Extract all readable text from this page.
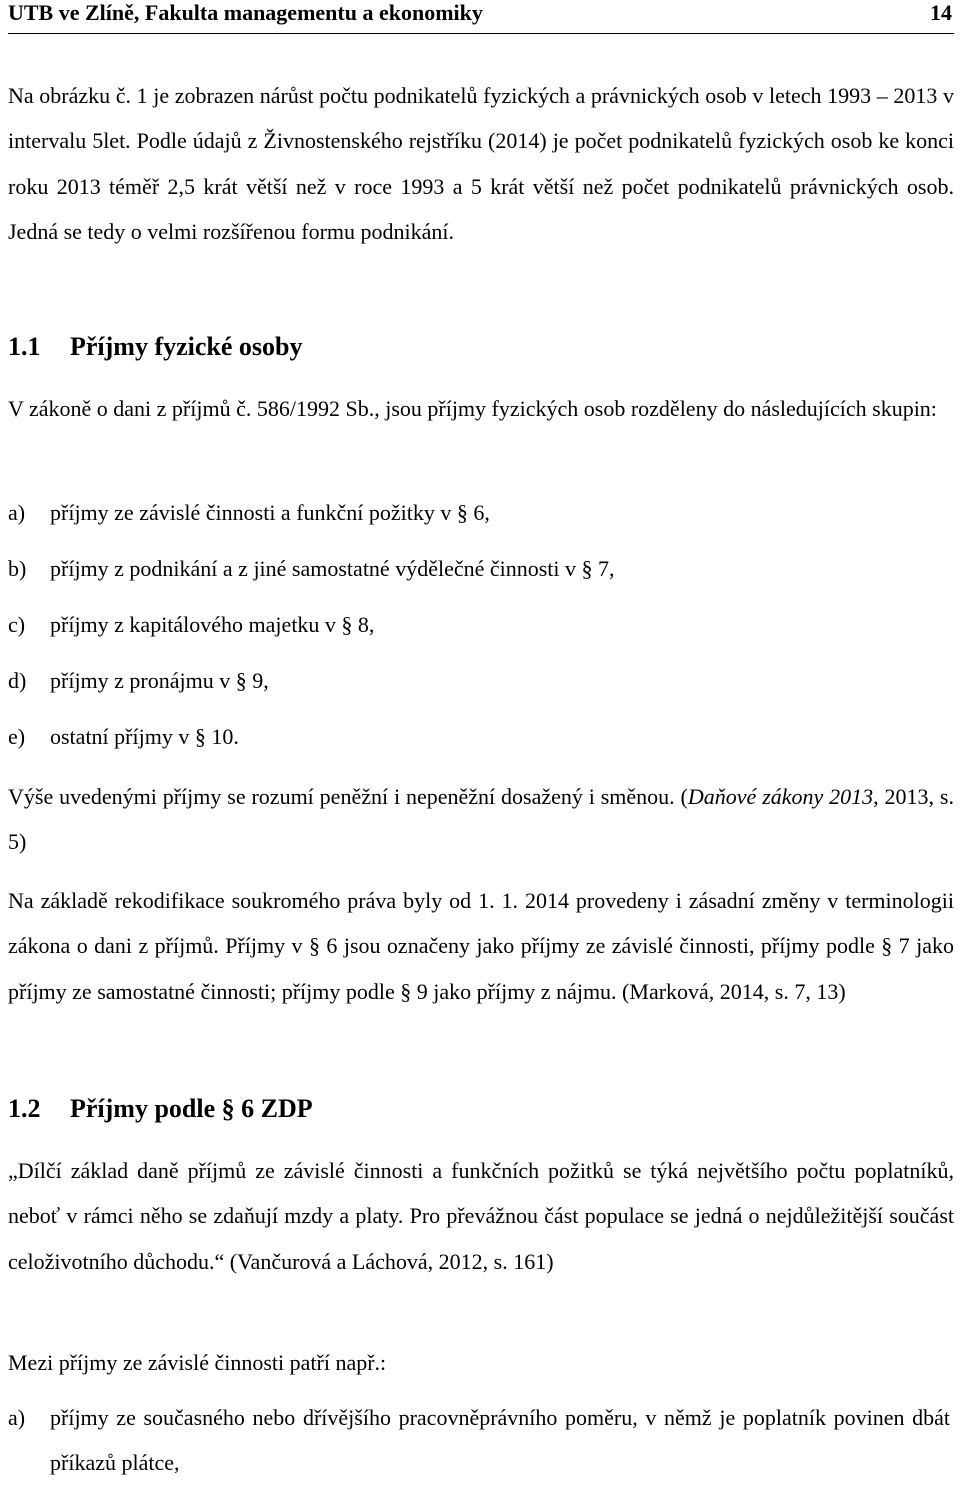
UTB ve Zlíně, Fakulta managementu a ekonomiky	14
Na obrázku č. 1 je zobrazen nárůst počtu podnikatelů fyzických a právnických osob v letech 1993 – 2013 v intervalu 5let. Podle údajů z Živnostenského rejstříku (2014) je počet podnikatelů fyzických osob ke konci roku 2013 téměř 2,5 krát větší než v roce 1993 a 5 krát větší než počet podnikatelů právnických osob. Jedná se tedy o velmi rozšířenou formu podnikání.
1.1 Příjmy fyzické osoby
V zákoně o dani z příjmů č. 586/1992 Sb., jsou příjmy fyzických osob rozděleny do následujících skupin:
a) příjmy ze závislé činnosti a funkční požitky v § 6,
b) příjmy z podnikání a z jiné samostatné výdělečné činnosti v § 7,
c) příjmy z kapitálového majetku v § 8,
d) příjmy z pronájmu v § 9,
e) ostatní příjmy v § 10.
Výše uvedenými příjmy se rozumí peněžní i nepeněžní dosažený i směnou. (Daňové zákony 2013, 2013, s. 5)
Na základě rekodifikace soukromého práva byly od 1. 1. 2014 provedeny i zásadní změny v terminologii zákona o dani z příjmů. Příjmy v § 6 jsou označeny jako příjmy ze závislé činnosti, příjmy podle § 7 jako příjmy ze samostatné činnosti; příjmy podle § 9 jako příjmy z nájmu. (Marková, 2014, s. 7, 13)
1.2 Příjmy podle § 6 ZDP
„Dílčí základ daně příjmů ze závislé činnosti a funkčních požitků se týká největšího počtu poplatníků, neboť v rámci něho se zdaňují mzdy a platy. Pro převážnou část populace se jedná o nejdůležitější součást celoživotního důchodu.“ (Vančurová a Láchová, 2012, s. 161)
Mezi příjmy ze závislé činnosti patří např.:
a) příjmy ze současného nebo dřívějšího pracovněprávního poměru, v němž je poplatník povinen dbát příkazů plátce,
